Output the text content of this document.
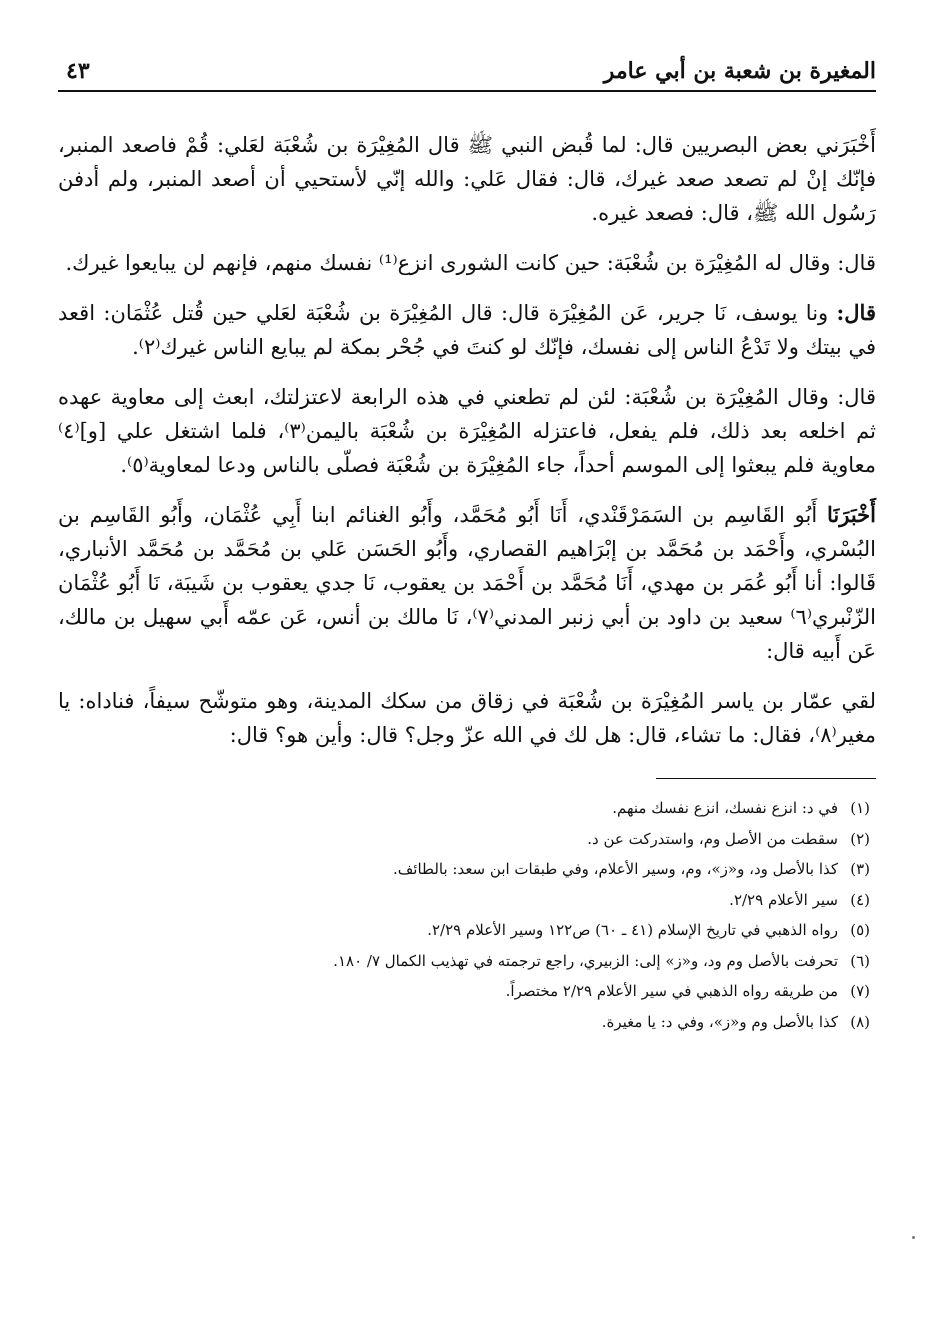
المغيرة بن شعبة بن أبي عامر
٤٣

أَخْبَرَني بعض البصريين قال: لما قُبض النبي ﷺ قال المُغِيْرَة بن شُعْبَة لعَلي: قُمْ فاصعد المنبر، فإنّك إنْ لم تصعد صعد غيرك، قال: فقال عَلي: والله إنّي لأستحيي أن أصعد المنبر، ولم أدفن رَسُول الله ﷺ، قال: فصعد غيره.

قال: وقال له المُغِيْرَة بن شُعْبَة: حين كانت الشورى انزع⁽¹⁾ نفسك منهم، فإنهم لن يبايعوا غيرك.

قال: ونا يوسف، نَا جرير، عَن المُغِيْرَة قال: قال المُغِيْرَة بن شُعْبَة لعَلي حين قُتل عُثْمَان: اقعد في بيتك ولا تَدْعُ الناس إلى نفسك، فإنّك لو كنتَ في جُحْر بمكة لم يبايع الناس غيرك⁽٢⁾.

قال: وقال المُغِيْرَة بن شُعْبَة: لئن لم تطعني في هذه الرابعة لاعتزلتك، ابعث إلى معاوية عهده ثم اخلعه بعد ذلك، فلم يفعل، فاعتزله المُغِيْرَة بن شُعْبَة باليمن⁽٣⁾، فلما اشتغل علي [و]⁽٤⁾ معاوية فلم يبعثوا إلى الموسم أحداً، جاء المُغِيْرَة بن شُعْبَة فصلّى بالناس ودعا لمعاوية⁽٥⁾.

أَخْبَرَنَا أَبُو القَاسِم بن السَمَرْقَنْدي، أَنَا أَبُو مُحَمَّد، وأَبُو الغنائم ابنا أَبِي عُثْمَان، وأَبُو القَاسِم بن البُسْري، وأَحْمَد بن مُحَمَّد بن إبْرَاهيم القصاري، وأَبُو الحَسَن عَلي بن مُحَمَّد بن مُحَمَّد الأنباري، قَالوا: أنا أَبُو عُمَر بن مهدي، أَنَا مُحَمَّد بن أَحْمَد بن يعقوب، نَا جدي يعقوب بن شَيبَة، نَا أَبُو عُثْمَان الزّنْبري⁽٦⁾ سعيد بن داود بن أبي زنبر المدني⁽٧⁾، نَا مالك بن أنس، عَن عمّه أَبي سهيل بن مالك، عَن أَبيه قال:

لقي عمّار بن ياسر المُغِيْرَة بن شُعْبَة في زقاق من سكك المدينة، وهو متوشّح سيفاً، فناداه: يا مغير⁽٨⁾، فقال: ما تشاء، قال: هل لك في الله عزّ وجل؟ قال: وأين هو؟ قال:

(١)
في د: انزع نفسك، انزع نفسك منهم.
(٢)
سقطت من الأصل وم، واستدركت عن د.
(٣)
كذا بالأصل ود، و«ز»، وم، وسير الأعلام، وفي طبقات ابن سعد: بالطائف.
(٤)
سير الأعلام ٢/٢٩.
(٥)
رواه الذهبي في تاريخ الإسلام (٤١ ـ ٦٠) ص١٢٢ وسير الأعلام ٢/٢٩.
(٦)
تحرفت بالأصل وم ود، و«ز» إلى: الزبيري، راجع ترجمته في تهذيب الكمال ٧/ ١٨٠.
(٧)
من طريقه رواه الذهبي في سير الأعلام ٢/٢٩ مختصراً.
(٨)
كذا بالأصل وم و«ز»، وفي د: يا مغيرة.
